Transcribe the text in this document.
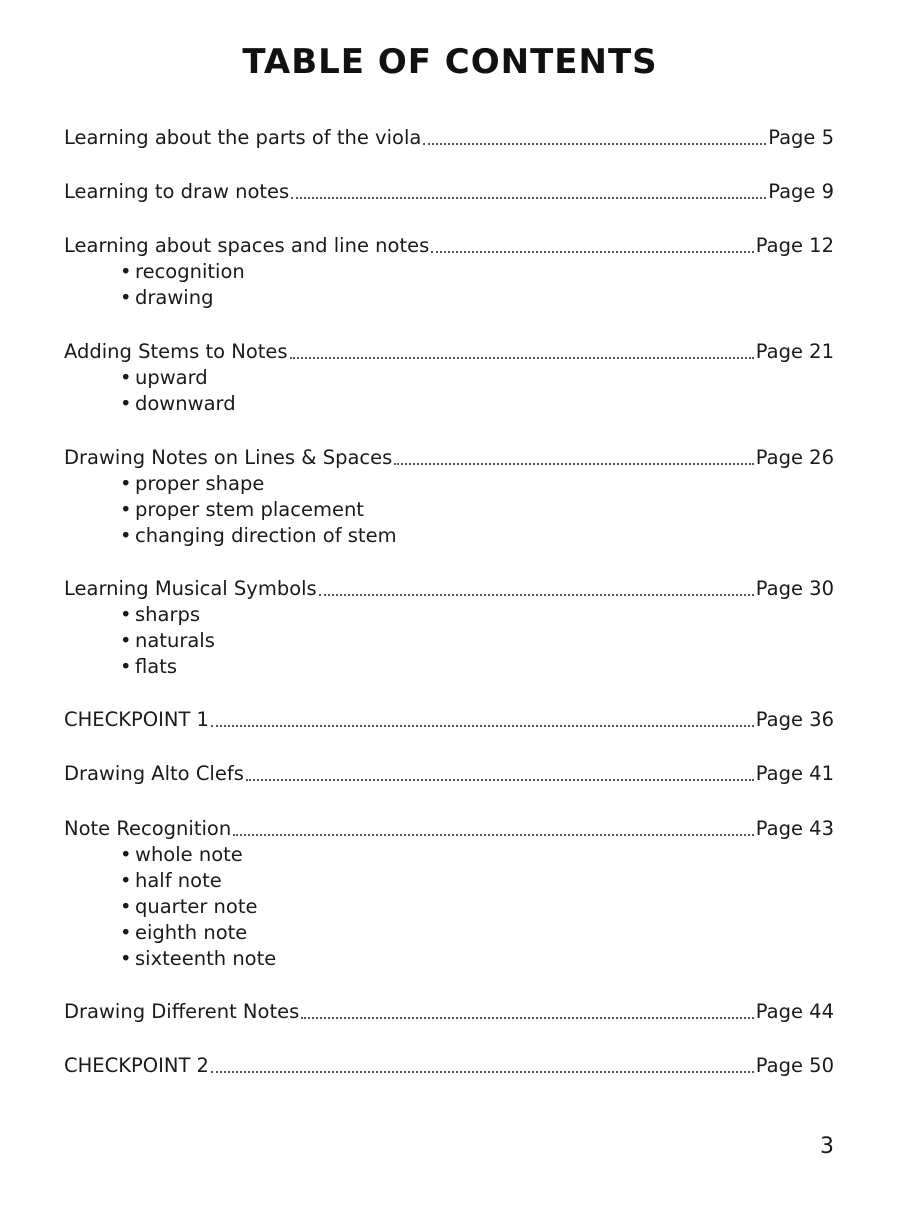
TABLE OF CONTENTS
Learning about the parts of the viola	Page 5
Learning to draw notes	Page 9
Learning about spaces and line notes	Page 12
• recognition
• drawing
Adding Stems to Notes	Page 21
• upward
• downward
Drawing Notes on Lines & Spaces	Page 26
• proper shape
• proper stem placement
• changing direction of stem
Learning Musical Symbols	Page 30
• sharps
• naturals
• flats
CHECKPOINT 1	Page 36
Drawing Alto Clefs	Page 41
Note Recognition	Page 43
• whole note
• half note
• quarter note
• eighth note
• sixteenth note
Drawing Different Notes	Page 44
CHECKPOINT 2	Page 50
3
